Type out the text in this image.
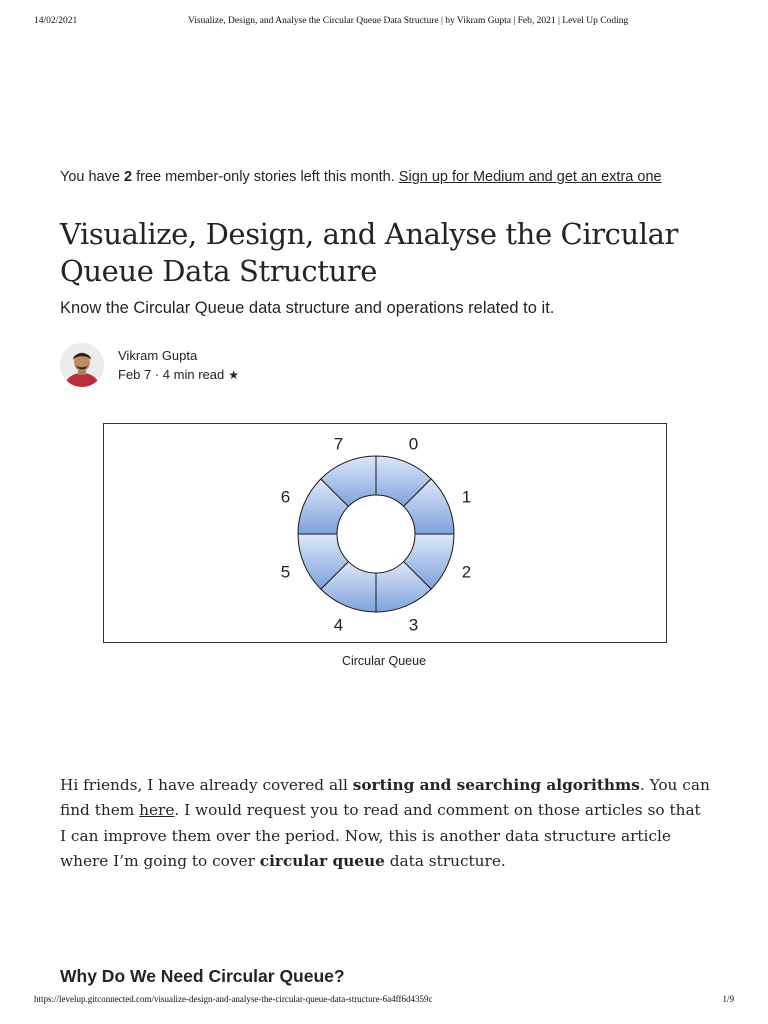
14/02/2021	Visualize, Design, and Analyse the Circular Queue Data Structure | by Vikram Gupta | Feb, 2021 | Level Up Coding
You have 2 free member-only stories left this month. Sign up for Medium and get an extra one
Visualize, Design, and Analyse the Circular Queue Data Structure
Know the Circular Queue data structure and operations related to it.
Vikram Gupta
Feb 7 · 4 min read ★
0
1
2
3
4
5
6
7
Circular Queue

Hi friends, I have already covered all sorting and searching algorithms. You can find them here. I would request you to read and comment on those articles so that I can improve them over the period. Now, this is another data structure article where I’m going to cover circular queue data structure.

Why Do We Need Circular Queue?
https://levelup.gitconnected.com/visualize-design-and-analyse-the-circular-queue-data-structure-6a4ff6d4359c	1/9
